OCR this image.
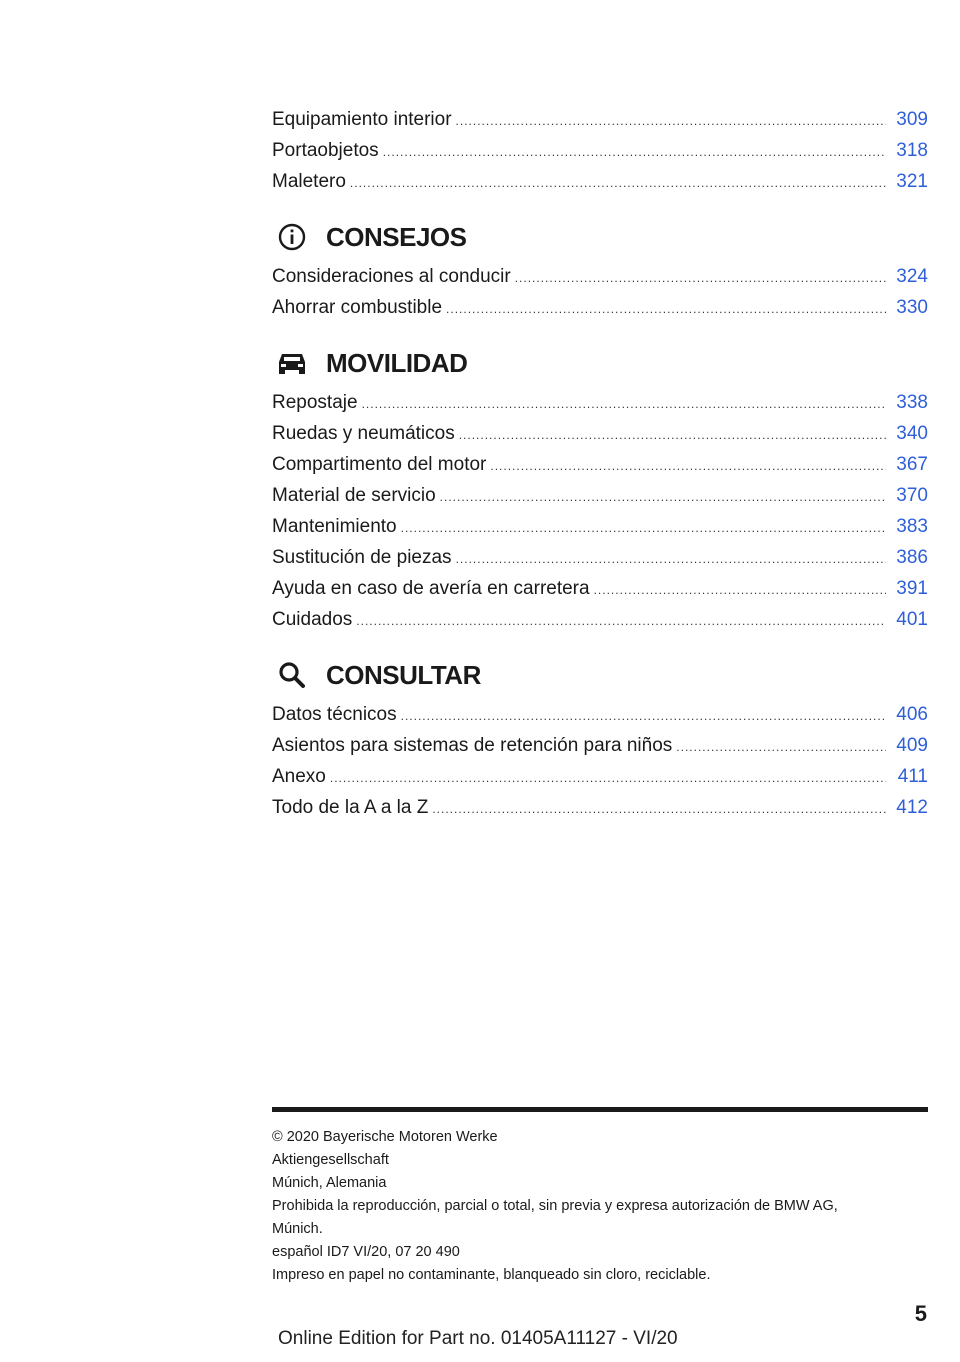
Equipamiento interior .....	309
Portaobjetos .....	318
Maletero .....	321
CONSEJOS
Consideraciones al conducir .....	324
Ahorrar combustible .....	330
MOVILIDAD
Repostaje .....	338
Ruedas y neumáticos .....	340
Compartimento del motor .....	367
Material de servicio .....	370
Mantenimiento .....	383
Sustitución de piezas .....	386
Ayuda en caso de avería en carretera .....	391
Cuidados .....	401
CONSULTAR
Datos técnicos .....	406
Asientos para sistemas de retención para niños .....	409
Anexo .....	411
Todo de la A a la Z .....	412
© 2020 Bayerische Motoren Werke
Aktiengesellschaft
Múnich, Alemania
Prohibida la reproducción, parcial o total, sin previa y expresa autorización de BMW AG,
Múnich.
español ID7 VI/20, 07 20 490
Impreso en papel no contaminante, blanqueado sin cloro, reciclable.
5
Online Edition for Part no. 01405A11127 - VI/20
